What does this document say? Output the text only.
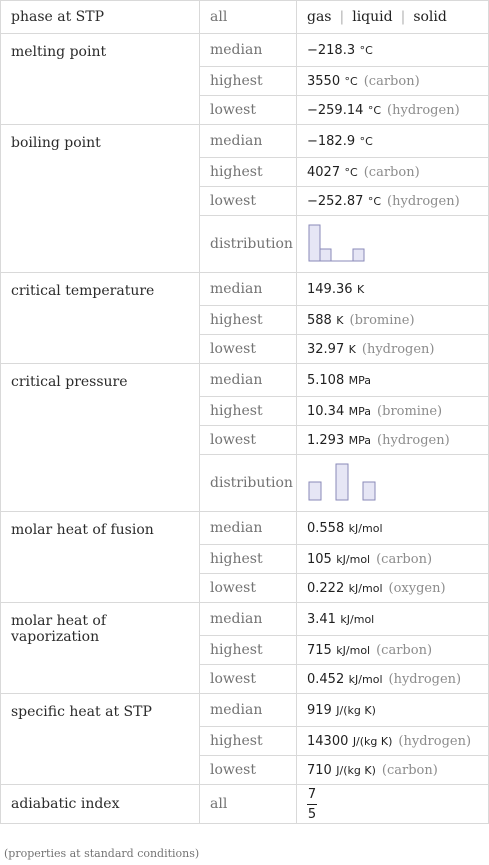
phase at STP	all	gas | liquid | solid
melting point	median	−218.3 °C
	highest	3550 °C (carbon)
	lowest	−259.14 °C (hydrogen)
boiling point	median	−182.9 °C
	highest	4027 °C (carbon)
	lowest	−252.87 °C (hydrogen)
	distribution	

critical temperature	median	149.36 K
	highest	588 K (bromine)
	lowest	32.97 K (hydrogen)
critical pressure	median	5.108 MPa
	highest	10.34 MPa (bromine)
	lowest	1.293 MPa (hydrogen)
	distribution	

molar heat of fusion	median	0.558 kJ/mol
	highest	105 kJ/mol (carbon)
	lowest	0.222 kJ/mol (oxygen)
molar heat of vaporization	median	3.41 kJ/mol
	highest	715 kJ/mol (carbon)
	lowest	0.452 kJ/mol (hydrogen)
specific heat at STP	median	919 J/(kg K)
	highest	14300 J/(kg K) (hydrogen)
	lowest	710 J/(kg K) (carbon)
adiabatic index	all	$\frac{7}{5}$
(properties at standard conditions)
